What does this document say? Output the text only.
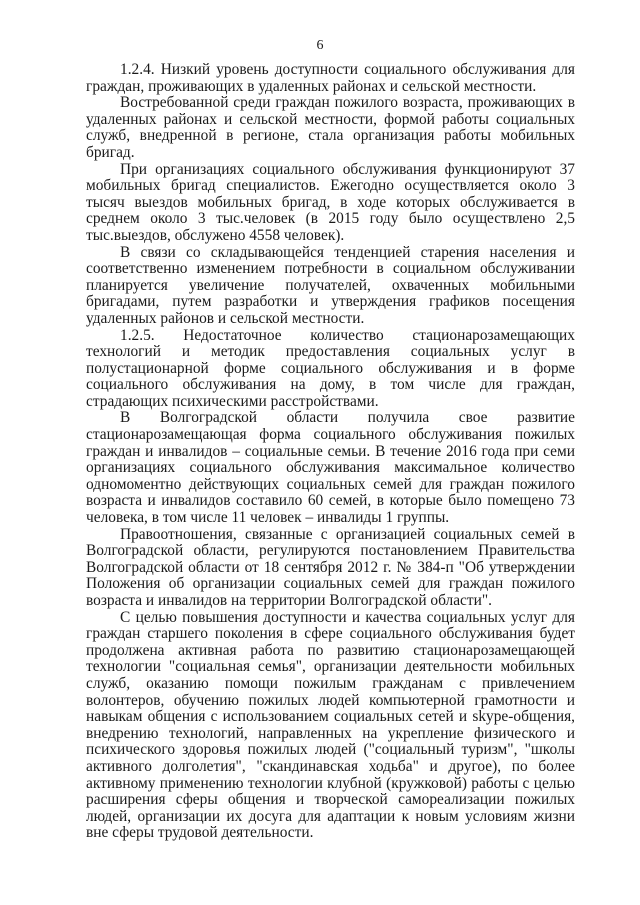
6

1.2.4. Низкий уровень доступности социального обслуживания для граждан, проживающих в удаленных районах и сельской местности.

Востребованной среди граждан пожилого возраста, проживающих в удаленных районах и сельской местности, формой работы социальных служб, внедренной в регионе, стала организация работы мобильных бригад.

При организациях социального обслуживания функционируют 37 мобильных бригад специалистов. Ежегодно осуществляется около 3 тысяч выездов мобильных бригад, в ходе которых обслуживается в среднем около 3 тыс.человек (в 2015 году было осуществлено 2,5 тыс.выездов, обслужено 4558 человек).

В связи со складывающейся тенденцией старения населения и соответственно изменением потребности в социальном обслуживании планируется увеличение получателей, охваченных мобильными бригадами, путем разработки и утверждения графиков посещения удаленных районов и сельской местности.

1.2.5. Недостаточное количество стационарозамещающих технологий и методик предоставления социальных услуг в полустационарной форме социального обслуживания и в форме социального обслуживания на дому, в том числе для граждан, страдающих психическими расстройствами.

В Волгоградской области получила свое развитие стационарозамещающая форма социального обслуживания пожилых граждан и инвалидов – социальные семьи. В течение 2016 года при семи организациях социального обслуживания максимальное количество одномоментно действующих социальных семей для граждан пожилого возраста и инвалидов составило 60 семей, в которые было помещено 73 человека, в том числе 11 человек – инвалиды 1 группы.

Правоотношения, связанные с организацией социальных семей в Волгоградской области, регулируются постановлением Правительства Волгоградской области от 18 сентября 2012 г. № 384-п "Об утверждении Положения об организации социальных семей для граждан пожилого возраста и инвалидов на территории Волгоградской области".

С целью повышения доступности и качества социальных услуг для граждан старшего поколения в сфере социального обслуживания будет продолжена активная работа по развитию стационарозамещающей технологии "социальная семья", организации деятельности мобильных служб, оказанию помощи пожилым гражданам с привлечением волонтеров, обучению пожилых людей компьютерной грамотности и навыкам общения с использованием социальных сетей и skype-общения, внедрению технологий, направленных на укрепление физического и психического здоровья пожилых людей ("социальный туризм", "школы активного долголетия", "скандинавская ходьба" и другое), по более активному применению технологии клубной (кружковой) работы с целью расширения сферы общения и творческой самореализации пожилых людей, организации их досуга для адаптации к новым условиям жизни вне сферы трудовой деятельности.
